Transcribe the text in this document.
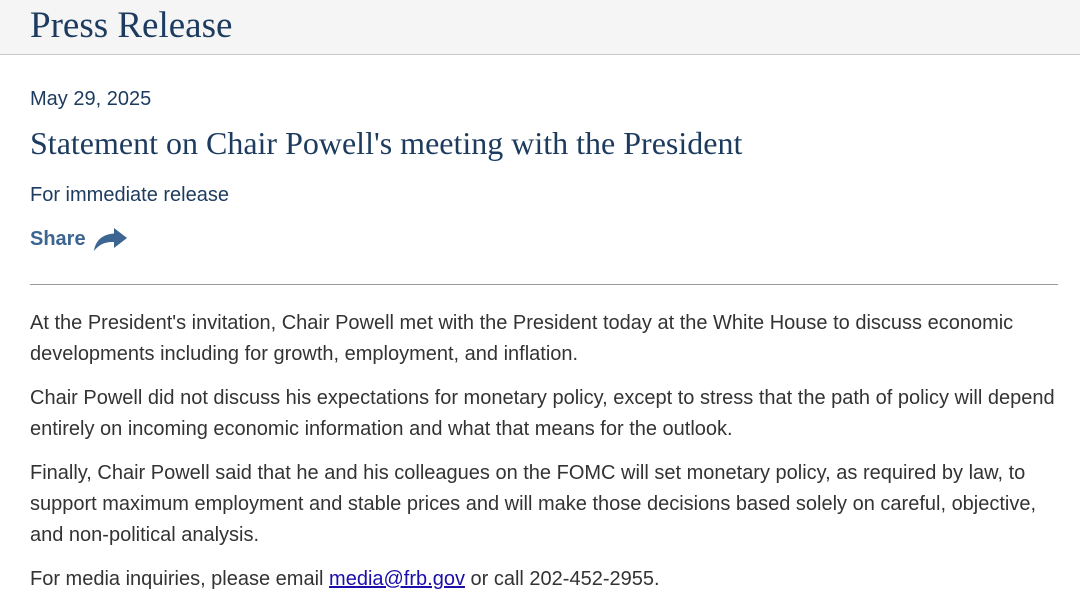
Press Release
May 29, 2025
Statement on Chair Powell's meeting with the President
For immediate release
Share

At the President's invitation, Chair Powell met with the President today at the White House to discuss economic developments including for growth, employment, and inflation.

Chair Powell did not discuss his expectations for monetary policy, except to stress that the path of policy will depend entirely on incoming economic information and what that means for the outlook.

Finally, Chair Powell said that he and his colleagues on the FOMC will set monetary policy, as required by law, to support maximum employment and stable prices and will make those decisions based solely on careful, objective, and non-political analysis.

For media inquiries, please email media@frb.gov or call 202-452-2955.
